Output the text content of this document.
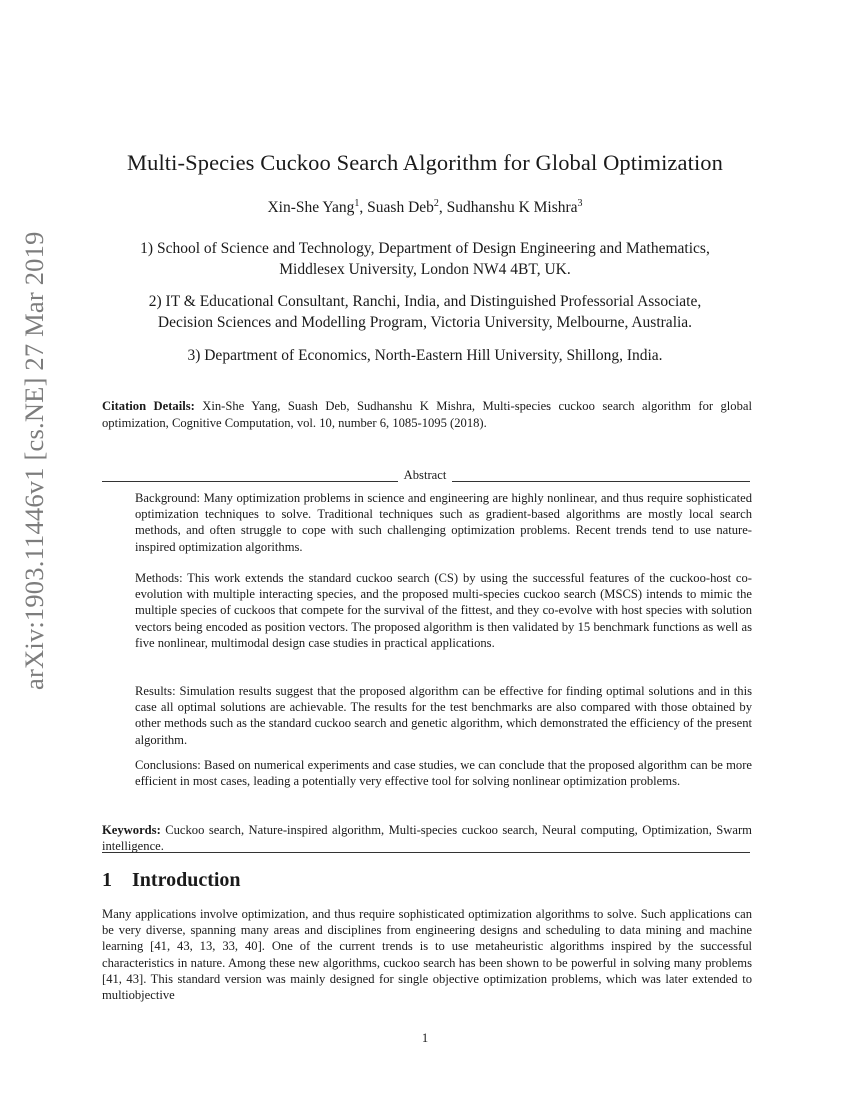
arXiv:1903.11446v1 [cs.NE] 27 Mar 2019
Multi-Species Cuckoo Search Algorithm for Global Optimization
Xin-She Yang$^1$, Suash Deb$^2$, Sudhanshu K Mishra$^3$
1) School of Science and Technology, Department of Design Engineering and Mathematics,
Middlesex University, London NW4 4BT, UK.
2) IT & Educational Consultant, Ranchi, India, and Distinguished Professorial Associate,
Decision Sciences and Modelling Program, Victoria University, Melbourne, Australia.
3) Department of Economics, North-Eastern Hill University, Shillong, India.
Citation Details: Xin-She Yang, Suash Deb, Sudhanshu K Mishra, Multi-species cuckoo search algorithm for global optimization, Cognitive Computation, vol. 10, number 6, 1085-1095 (2018).
Abstract
Background: Many optimization problems in science and engineering are highly nonlinear, and thus require sophisticated optimization techniques to solve. Traditional techniques such as gradient-based algorithms are mostly local search methods, and often struggle to cope with such challenging optimization problems. Recent trends tend to use nature-inspired optimization algorithms.
Methods: This work extends the standard cuckoo search (CS) by using the successful features of the cuckoo-host co-evolution with multiple interacting species, and the proposed multi-species cuckoo search (MSCS) intends to mimic the multiple species of cuckoos that compete for the survival of the fittest, and they co-evolve with host species with solution vectors being encoded as position vectors. The proposed algorithm is then validated by 15 benchmark functions as well as five nonlinear, multimodal design case studies in practical applications.
Results: Simulation results suggest that the proposed algorithm can be effective for finding optimal solutions and in this case all optimal solutions are achievable. The results for the test benchmarks are also compared with those obtained by other methods such as the standard cuckoo search and genetic algorithm, which demonstrated the efficiency of the present algorithm.
Conclusions: Based on numerical experiments and case studies, we can conclude that the proposed algorithm can be more efficient in most cases, leading a potentially very effective tool for solving nonlinear optimization problems.
Keywords: Cuckoo search, Nature-inspired algorithm, Multi-species cuckoo search, Neural computing, Optimization, Swarm intelligence.
1 Introduction
Many applications involve optimization, and thus require sophisticated optimization algorithms to solve. Such applications can be very diverse, spanning many areas and disciplines from engineering designs and scheduling to data mining and machine learning [41, 43, 13, 33, 40]. One of the current trends is to use metaheuristic algorithms inspired by the successful characteristics in nature. Among these new algorithms, cuckoo search has been shown to be powerful in solving many problems [41, 43]. This standard version was mainly designed for single objective optimization problems, which was later extended to multiobjective
1
